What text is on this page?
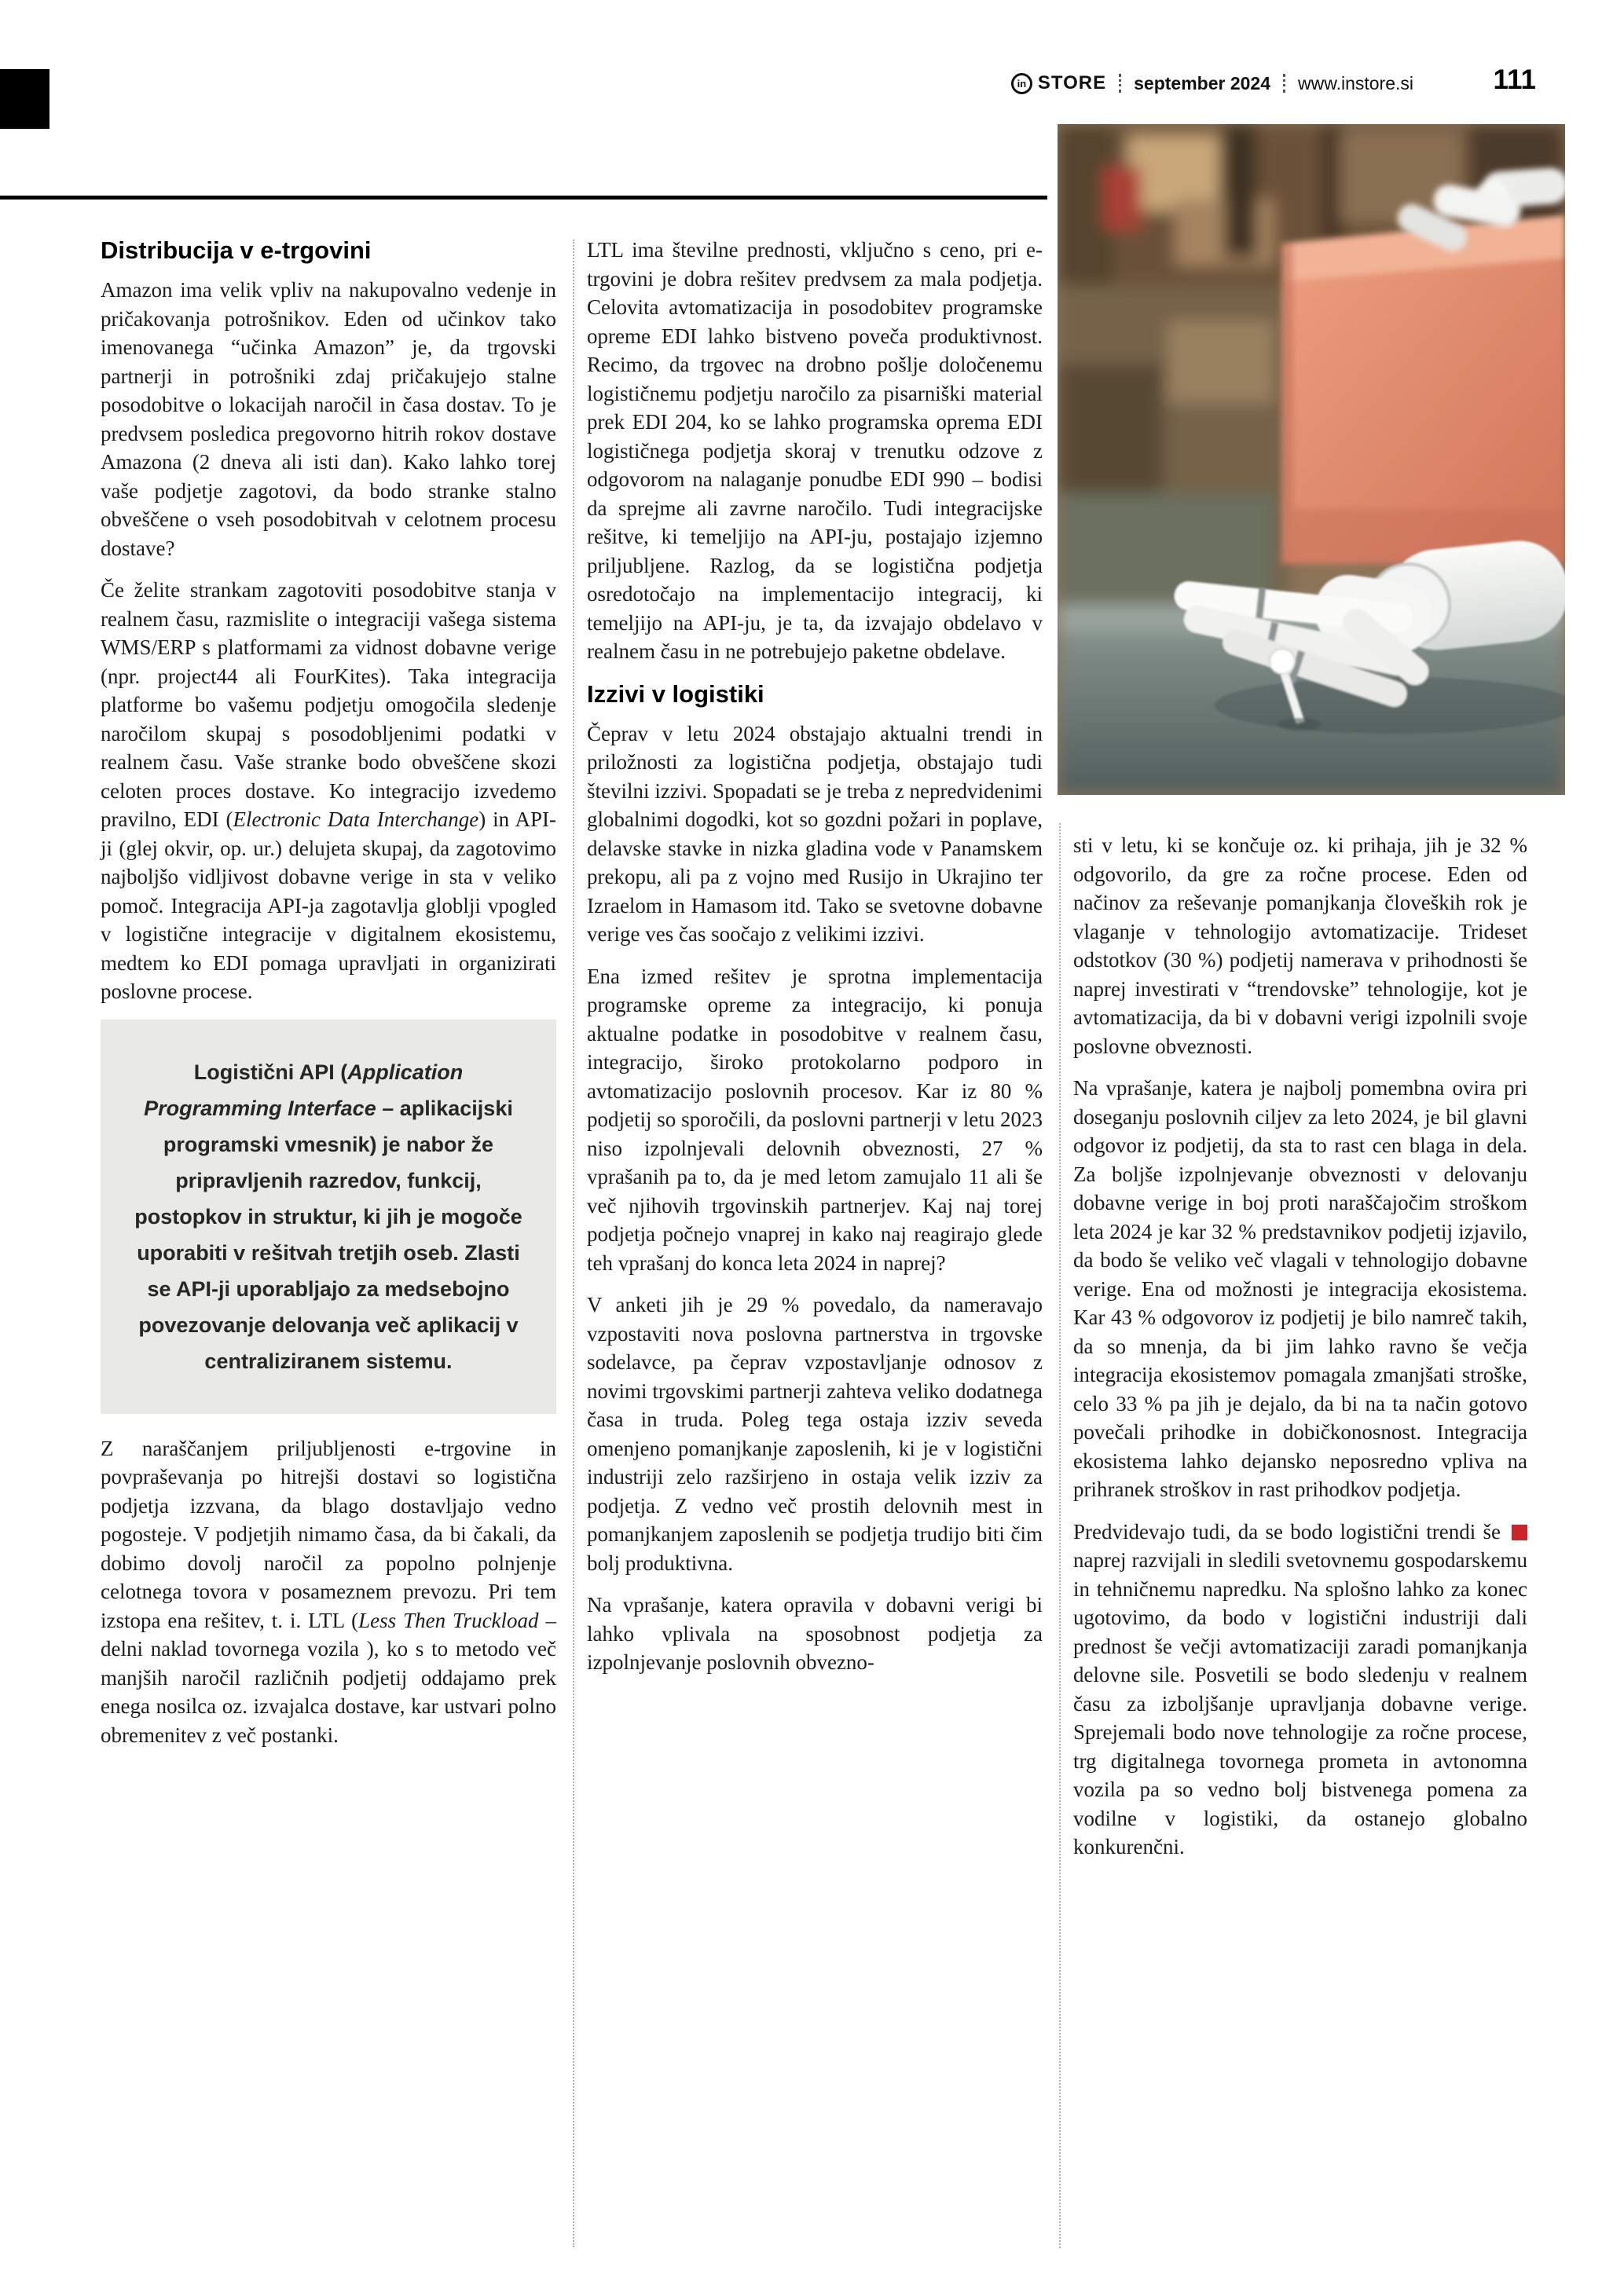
in STORE september 2024 www.instore.si	111
Distribucija v e-trgovini

Amazon ima velik vpliv na nakupovalno vedenje in pričakovanja potrošnikov. Eden od učinkov tako imenovanega “učinka Amazon” je, da trgovski partnerji in potrošniki zdaj pričakujejo stalne posodobitve o lokacijah naročil in časa dostav. To je predvsem posledica pregovorno hitrih rokov dostave Amazona (2 dneva ali isti dan). Kako lahko torej vaše podjetje zagotovi, da bodo stranke stalno obveščene o vseh posodobitvah v celotnem procesu dostave?

Če želite strankam zagotoviti posodobitve stanja v realnem času, razmislite o integraciji vašega sistema WMS/ERP s platformami za vidnost dobavne verige (npr. project44 ali FourKites). Taka integracija platforme bo vašemu podjetju omogočila sledenje naročilom skupaj s posodobljenimi podatki v realnem času. Vaše stranke bodo obveščene skozi celoten proces dostave. Ko integracijo izvedemo pravilno, EDI (Electronic Data Interchange) in API-ji (glej okvir, op. ur.) delujeta skupaj, da zagotovimo najboljšo vidljivost dobavne verige in sta v veliko pomoč. Integracija API-ja zagotavlja globlji vpogled v logistične integracije v digitalnem ekosistemu, medtem ko EDI pomaga upravljati in organizirati poslovne procese.

Logistični API (Application Programming Interface – aplikacijski programski vmesnik) je nabor že pripravljenih razredov, funkcij, postopkov in struktur, ki jih je mogoče uporabiti v rešitvah tretjih oseb. Zlasti se API-ji uporabljajo za medsebojno povezovanje delovanja več aplikacij v centraliziranem sistemu.

Z naraščanjem priljubljenosti e-trgovine in povpraševanja po hitrejši dostavi so logistična podjetja izzvana, da blago dostavljajo vedno pogosteje. V podjetjih nimamo časa, da bi čakali, da dobimo dovolj naročil za popolno polnjenje celotnega tovora v posameznem prevozu. Pri tem izstopa ena rešitev, t. i. LTL (Less Then Truckload – delni naklad tovornega vozila ), ko s to metodo več manjših naročil različnih podjetij oddajamo prek enega nosilca oz. izvajalca dostave, kar ustvari polno obremenitev z več postanki.

LTL ima številne prednosti, vključno s ceno, pri e-trgovini je dobra rešitev predvsem za mala podjetja. Celovita avtomatizacija in posodobitev programske opreme EDI lahko bistveno poveča produktivnost. Recimo, da trgovec na drobno pošlje določenemu logističnemu podjetju naročilo za pisarniški material prek EDI 204, ko se lahko programska oprema EDI logističnega podjetja skoraj v trenutku odzove z odgovorom na nalaganje ponudbe EDI 990 – bodisi da sprejme ali zavrne naročilo. Tudi integracijske rešitve, ki temeljijo na API-ju, postajajo izjemno priljubljene. Razlog, da se logistična podjetja osredotočajo na implementacijo integracij, ki temeljijo na API-ju, je ta, da izvajajo obdelavo v realnem času in ne potrebujejo paketne obdelave.

Izzivi v logistiki

Čeprav v letu 2024 obstajajo aktualni trendi in priložnosti za logistična podjetja, obstajajo tudi številni izzivi. Spopadati se je treba z nepredvidenimi globalnimi dogodki, kot so gozdni požari in poplave, delavske stavke in nizka gladina vode v Panamskem prekopu, ali pa z vojno med Rusijo in Ukrajino ter Izraelom in Hamasom itd. Tako se svetovne dobavne verige ves čas soočajo z velikimi izzivi.

Ena izmed rešitev je sprotna implementacija programske opreme za integracijo, ki ponuja aktualne podatke in posodobitve v realnem času, integracijo, široko protokolarno podporo in avtomatizacijo poslovnih procesov. Kar iz 80 % podjetij so sporočili, da poslovni partnerji v letu 2023 niso izpolnjevali delovnih obveznosti, 27 % vprašanih pa to, da je med letom zamujalo 11 ali še več njihovih trgovinskih partnerjev. Kaj naj torej podjetja počnejo vnaprej in kako naj reagirajo glede teh vprašanj do konca leta 2024 in naprej?

V anketi jih je 29 % povedalo, da nameravajo vzpostaviti nova poslovna partnerstva in trgovske sodelavce, pa čeprav vzpostavljanje odnosov z novimi trgovskimi partnerji zahteva veliko dodatnega časa in truda. Poleg tega ostaja izziv seveda omenjeno pomanjkanje zaposlenih, ki je v logistični industriji zelo razširjeno in ostaja velik izziv za podjetja. Z vedno več prostih delovnih mest in pomanjkanjem zaposlenih se podjetja trudijo biti čim bolj produktivna.

Na vprašanje, katera opravila v dobavni verigi bi lahko vplivala na sposobnost podjetja za izpolnjevanje poslovnih obvezno-

sti v letu, ki se končuje oz. ki prihaja, jih je 32 % odgovorilo, da gre za ročne procese. Eden od načinov za reševanje pomanjkanja človeških rok je vlaganje v tehnologijo avtomatizacije. Trideset odstotkov (30 %) podjetij namerava v prihodnosti še naprej investirati v “trendovske” tehnologije, kot je avtomatizacija, da bi v dobavni verigi izpolnili svoje poslovne obveznosti.

Na vprašanje, katera je najbolj pomembna ovira pri doseganju poslovnih ciljev za leto 2024, je bil glavni odgovor iz podjetij, da sta to rast cen blaga in dela. Za boljše izpolnjevanje obveznosti v delovanju dobavne verige in boj proti naraščajočim stroškom leta 2024 je kar 32 % predstavnikov podjetij izjavilo, da bodo še veliko več vlagali v tehnologijo dobavne verige. Ena od možnosti je integracija ekosistema. Kar 43 % odgovorov iz podjetij je bilo namreč takih, da so mnenja, da bi jim lahko ravno še večja integracija ekosistemov pomagala zmanjšati stroške, celo 33 % pa jih je dejalo, da bi na ta način gotovo povečali prihodke in dobičkonosnost. Integracija ekosistema lahko dejansko neposredno vpliva na prihranek stroškov in rast prihodkov podjetja.

Predvidevajo tudi, da se bodo logistični trendi še naprej razvijali in sledili svetovnemu gospodarskemu in tehničnemu napredku. Na splošno lahko za konec ugotovimo, da bodo v logistični industriji dali prednost še večji avtomatizaciji zaradi pomanjkanja delovne sile. Posvetili se bodo sledenju v realnem času za izboljšanje upravljanja dobavne verige. Sprejemali bodo nove tehnologije za ročne procese, trg digitalnega tovornega prometa in avtonomna vozila pa so vedno bolj bistvenega pomena za vodilne v logistiki, da ostanejo globalno konkurenčni.
